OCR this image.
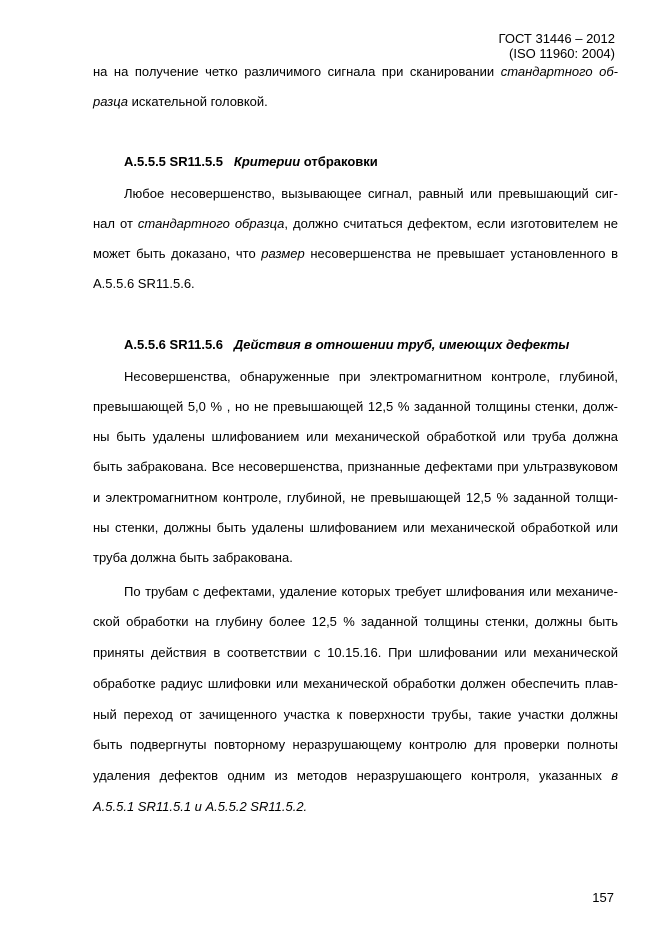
ГОСТ 31446 – 2012
(ISO 11960: 2004)
на на получение четко различимого сигнала при сканировании стандартного об-
разца искательной головкой.
A.5.5.5 SR11.5.5 Критерии отбраковки
Любое несовершенство, вызывающее сигнал, равный или превышающий сиг-
нал от стандартного образца, должно считаться дефектом, если изготовителем не
может быть доказано, что размер несовершенства не превышает установленного в
A.5.5.6 SR11.5.6.
A.5.5.6 SR11.5.6 Действия в отношении труб, имеющих дефекты
Несовершенства, обнаруженные при электромагнитном контроле, глубиной,
превышающей 5,0 % , но не превышающей 12,5 % заданной толщины стенки, долж-
ны быть удалены шлифованием или механической обработкой или труба должна
быть забракована. Все несовершенства, признанные дефектами при ультразвуковом
и электромагнитном контроле, глубиной, не превышающей 12,5 % заданной толщи-
ны стенки, должны быть удалены шлифованием или механической обработкой или
труба должна быть забракована.
По трубам с дефектами, удаление которых требует шлифования или механиче-
ской обработки на глубину более 12,5 % заданной толщины стенки, должны быть
приняты действия в соответствии с 10.15.16. При шлифовании или механической
обработке радиус шлифовки или механической обработки должен обеспечить плав-
ный переход от зачищенного участка к поверхности трубы, такие участки должны
быть подвергнуты повторному неразрушающему контролю для проверки полноты
удаления дефектов одним из методов неразрушающего контроля, указанных в
A.5.5.1 SR11.5.1 и A.5.5.2 SR11.5.2.
157
